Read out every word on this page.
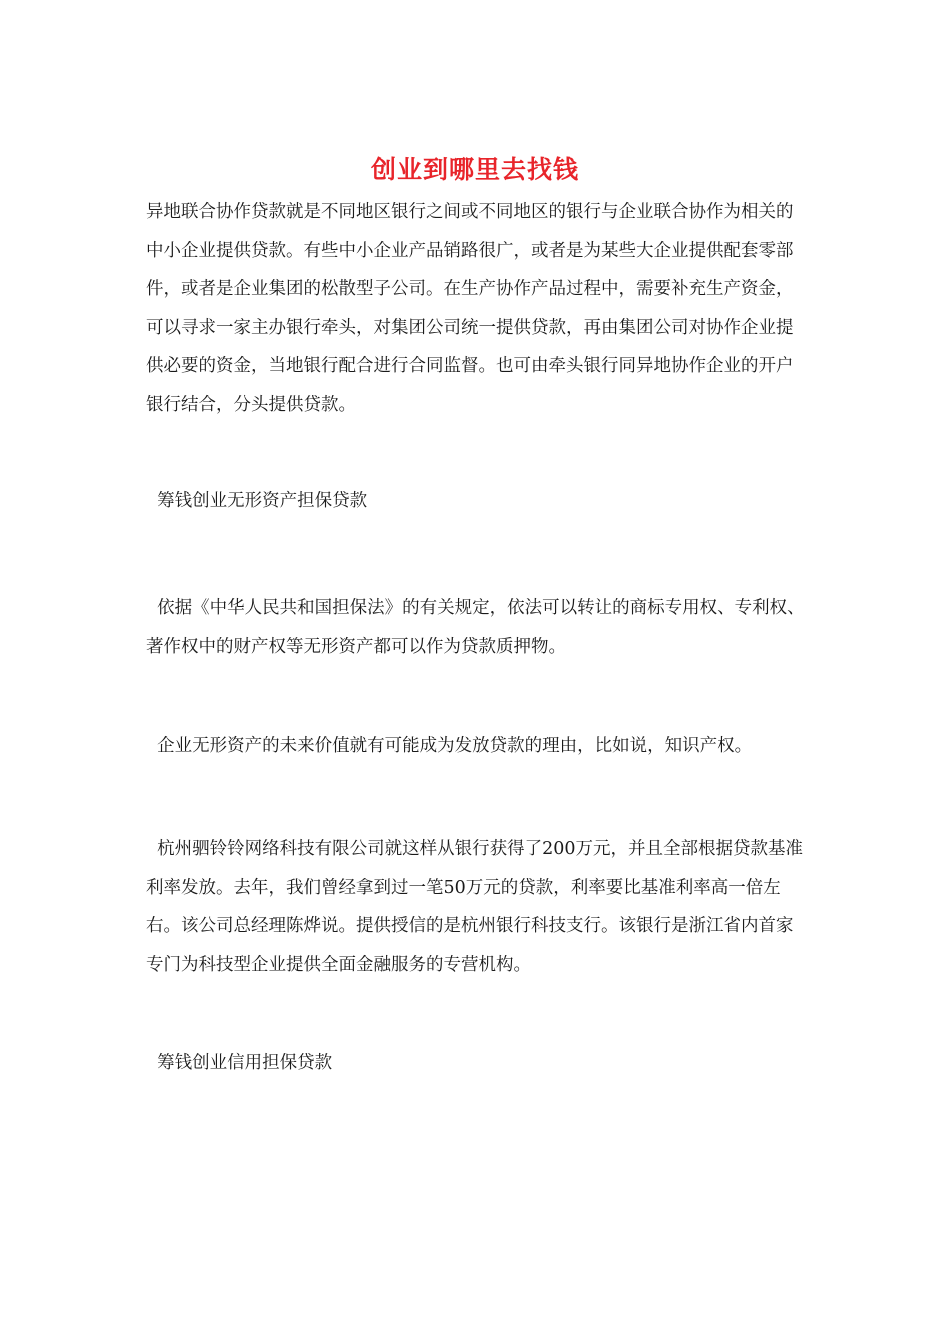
创业到哪里去找钱

异地联合协作贷款就是不同地区银行之间或不同地区的银行与企业联合协作为相关的中小企业提供贷款。有些中小企业产品销路很广，或者是为某些大企业提供配套零部件，或者是企业集团的松散型子公司。在生产协作产品过程中，需要补充生产资金，可以寻求一家主办银行牵头，对集团公司统一提供贷款，再由集团公司对协作企业提供必要的资金，当地银行配合进行合同监督。也可由牵头银行同异地协作企业的开户银行结合，分头提供贷款。

筹钱创业无形资产担保贷款

依据《中华人民共和国担保法》的有关规定，依法可以转让的商标专用权、专利权、著作权中的财产权等无形资产都可以作为贷款质押物。

企业无形资产的未来价值就有可能成为发放贷款的理由，比如说，知识产权。

杭州驷铃铃网络科技有限公司就这样从银行获得了200万元，并且全部根据贷款基准利率发放。去年，我们曾经拿到过一笔50万元的贷款，利率要比基准利率高一倍左右。该公司总经理陈烨说。提供授信的是杭州银行科技支行。该银行是浙江省内首家专门为科技型企业提供全面金融服务的专营机构。

筹钱创业信用担保贷款
